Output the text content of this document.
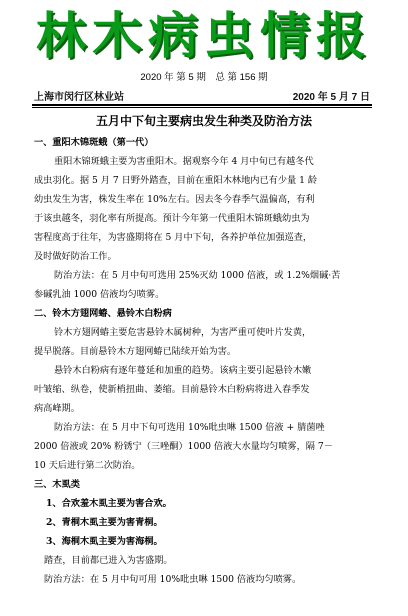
林木病虫情报
2020 年 第 5 期　总 第 156 期
上海市闵行区林业站	2020 年 5 月 7 日
五月中下旬主要病虫发生种类及防治方法

一、重阳木锦斑蛾（第一代）

重阳木锦斑蛾主要为害重阳木。据观察今年 4 月中旬已有越冬代

成虫羽化。据 5 月 7 日野外踏查，目前在重阳木林地内已有少量 1 龄

幼虫发生为害，株发生率在 10%左右。因去冬今春季气温偏高，有利

于该虫越冬，羽化率有所提高。预计今年第一代重阳木锦斑蛾幼虫为

害程度高于往年，为害盛期将在 5 月中下旬，各养护单位加强巡查，

及时做好防治工作。

防治方法：在 5 月中旬可选用 25%灭幼 1000 倍液，或 1.2%烟碱·苦

参碱乳油 1000 倍液均匀喷雾。

二、铃木方翅网蝽、悬铃木白粉病

铃木方翅网蝽主要危害悬铃木属树种，为害严重可使叶片发黄，

提早脱落。目前悬铃木方翅网蝽已陆续开始为害。

悬铃木白粉病有逐年蔓延和加重的趋势。该病主要引起悬铃木嫩

叶皱缩、纵卷，使新梢扭曲、萎缩。目前悬铃木白粉病将进入春季发

病高峰期。

防治方法：在 5 月中下旬可选用 10%吡虫啉 1500 倍液 + 腈菌唑

2000 倍液或 20% 粉锈宁（三唑酮）1000 倍液大水量均匀喷雾，隔 7－

10 天后进行第二次防治。

三、木虱类

1、合欢羞木虱主要为害合欢。

2、青桐木虱主要为害青桐。

3、海桐木虱主要为害海桐。

踏查，目前都已进入为害盛期。

防治方法：在 5 月中旬可用 10%吡虫啉 1500 倍液均匀喷雾。
